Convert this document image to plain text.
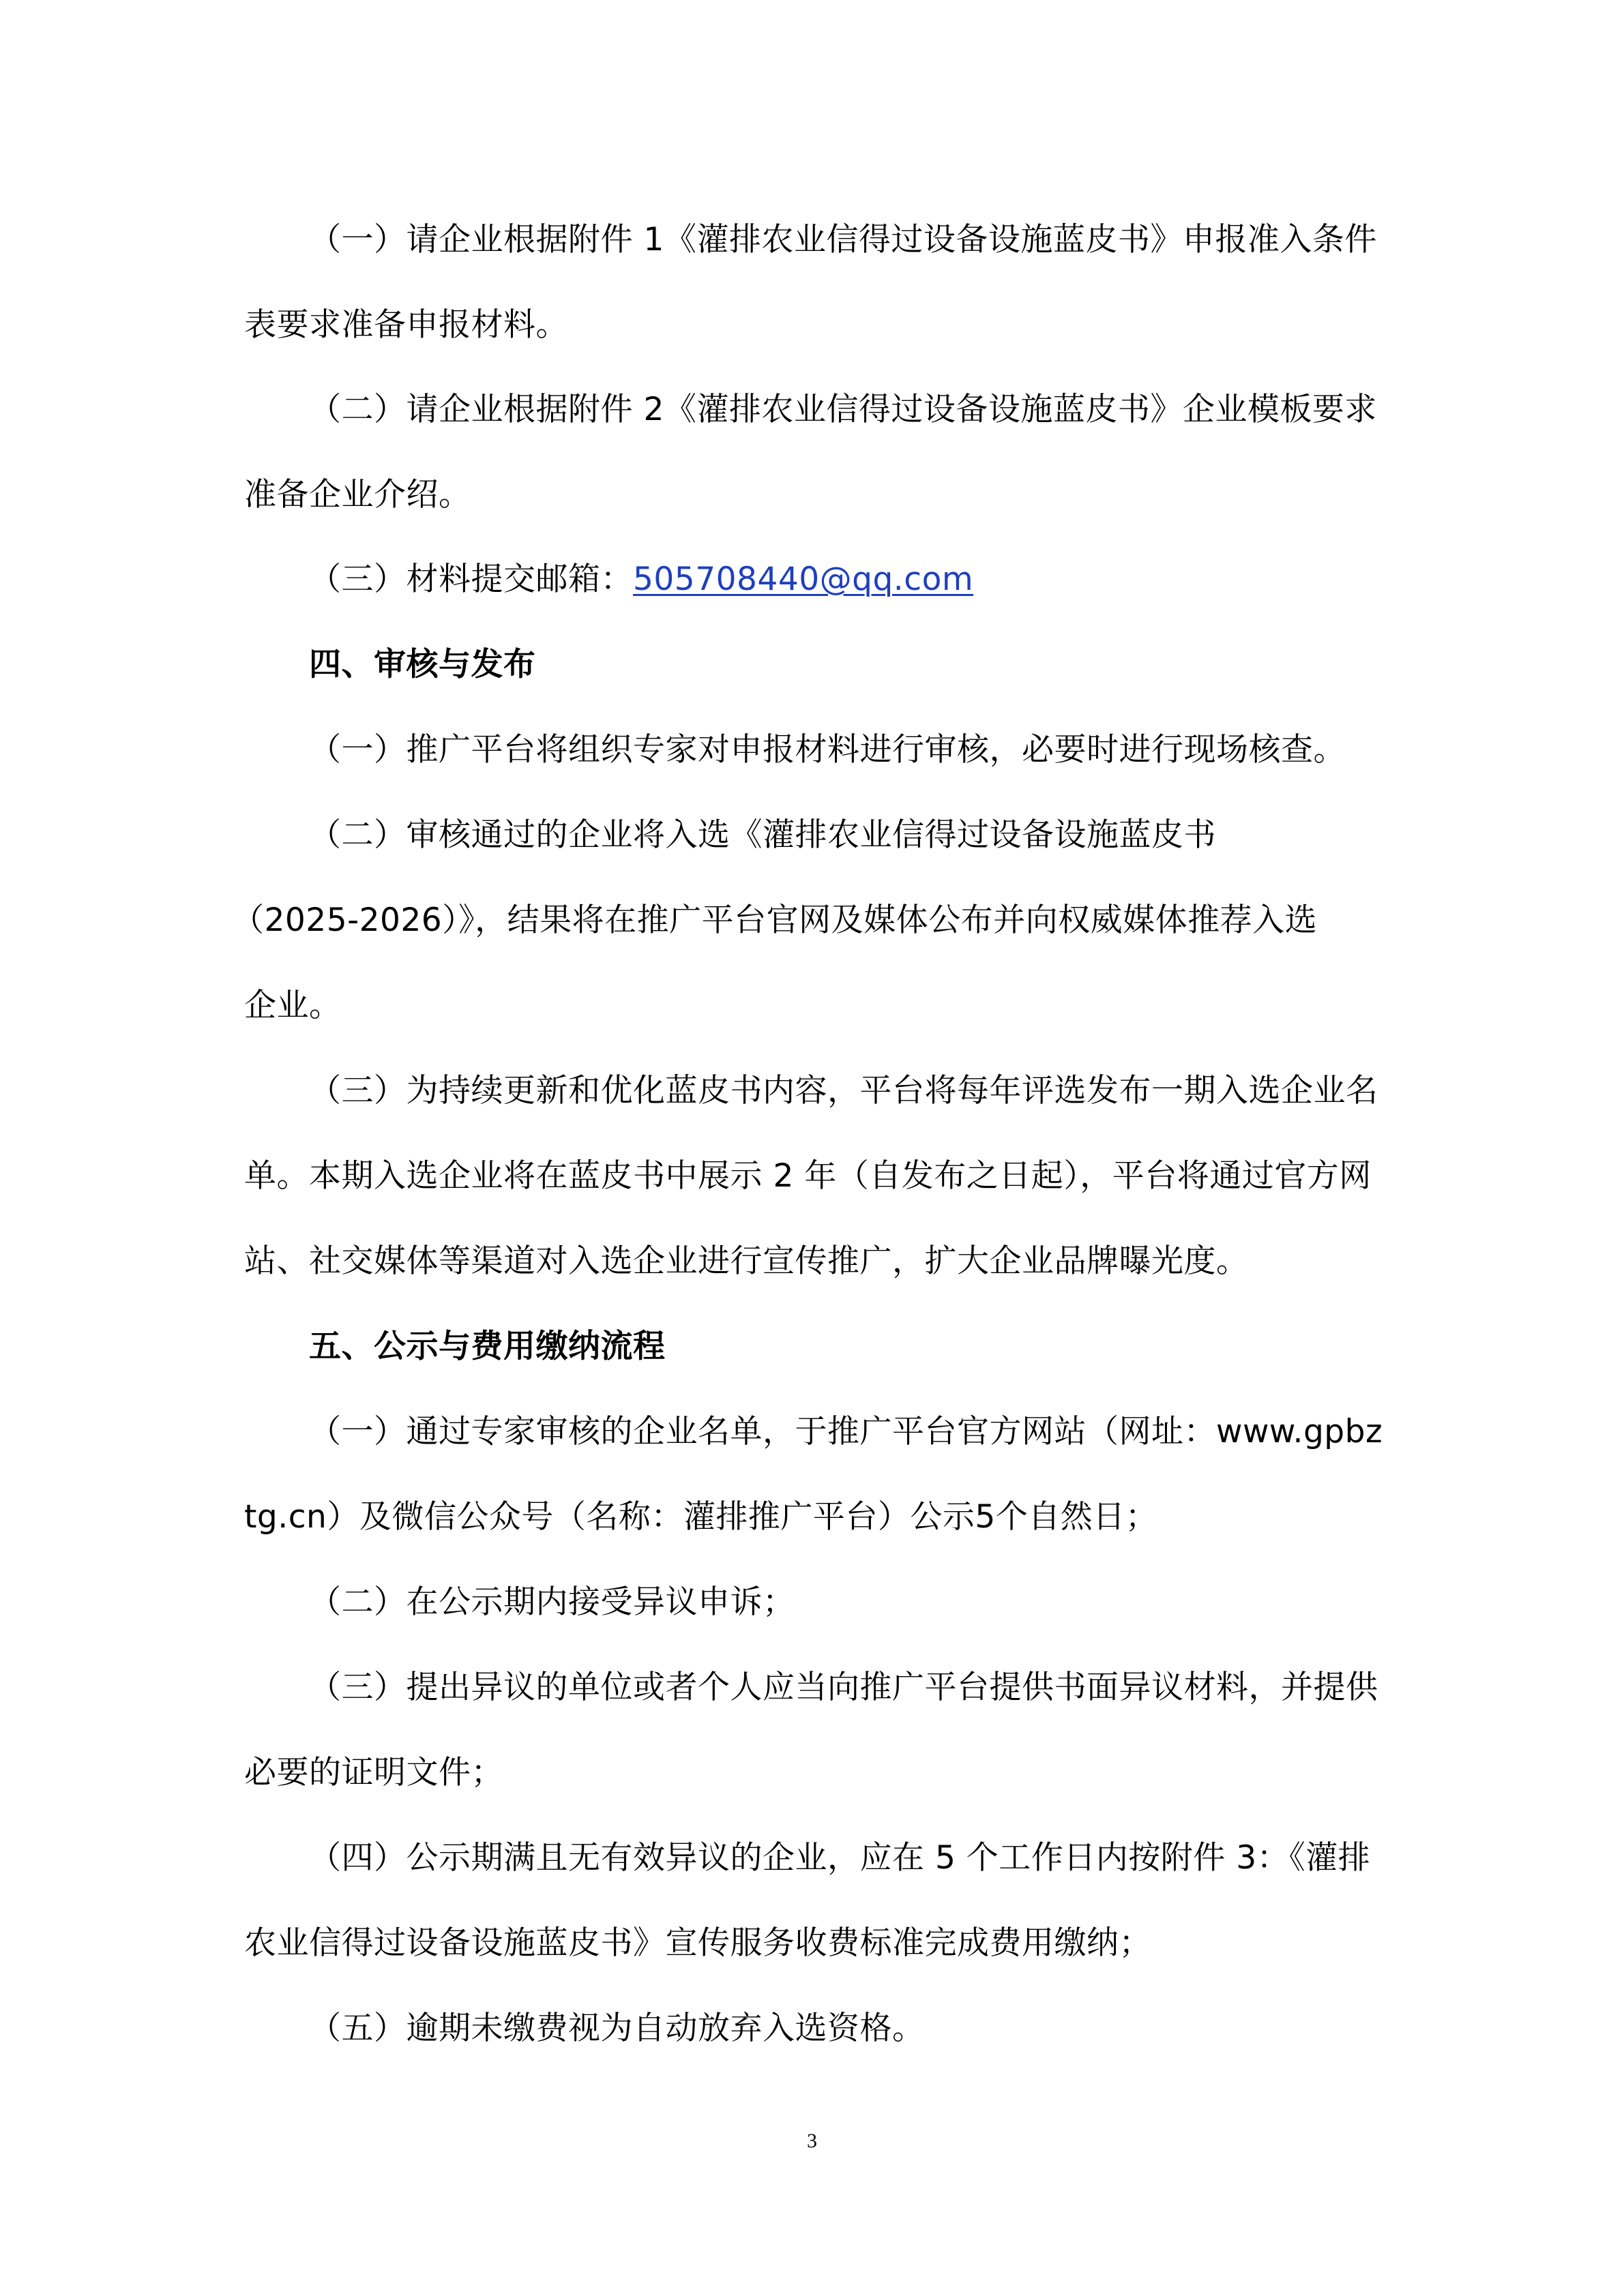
（一）请企业根据附件 1《灌排农业信得过设备设施蓝皮书》申报准入条件
表要求准备申报材料。
（二）请企业根据附件 2《灌排农业信得过设备设施蓝皮书》企业模板要求
准备企业介绍。
（三）材料提交邮箱：505708440@qq.com
四、审核与发布
（一）推广平台将组织专家对申报材料进行审核，必要时进行现场核查。
（二）审核通过的企业将入选《灌排农业信得过设备设施蓝皮书
（2025-2026）》，结果将在推广平台官网及媒体公布并向权威媒体推荐入选
企业。
（三）为持续更新和优化蓝皮书内容，平台将每年评选发布一期入选企业名
单。本期入选企业将在蓝皮书中展示 2 年（自发布之日起），平台将通过官方网
站、社交媒体等渠道对入选企业进行宣传推广，扩大企业品牌曝光度。
五、公示与费用缴纳流程
（一）通过专家审核的企业名单，于推广平台官方网站（网址：www.gpbz
tg.cn）及微信公众号（名称：灌排推广平台）公示5个自然日；
（二）在公示期内接受异议申诉；
（三）提出异议的单位或者个人应当向推广平台提供书面异议材料，并提供
必要的证明文件；
（四）公示期满且无有效异议的企业，应在 5 个工作日内按附件 3：《灌排
农业信得过设备设施蓝皮书》宣传服务收费标准完成费用缴纳；
（五）逾期未缴费视为自动放弃入选资格。
3
